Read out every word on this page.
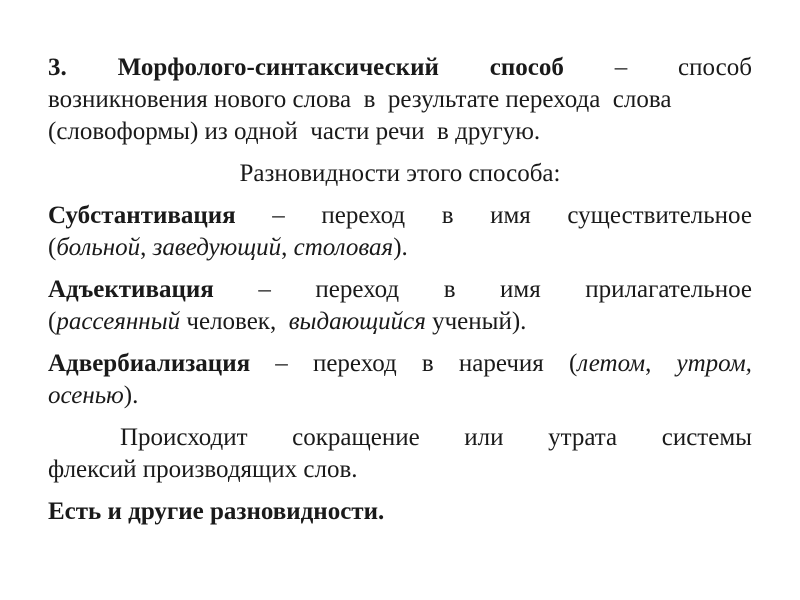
3. Морфолого-синтаксический способ – способ
возникновения нового слова  в  результате перехода  слова
(словоформы) из одной  части речи  в другую.
Разновидности этого способа:
Субстантивация – переход в имя существительное
(больной, заведующий, столовая).
Адъективация – переход в имя прилагательное
(рассеянный человек,  выдающийся ученый).
Адвербиализация – переход в наречия (летом, утром,
осенью).
Происходит сокращение или утрата системы
флексий производящих слов.
Есть и другие разновидности.
